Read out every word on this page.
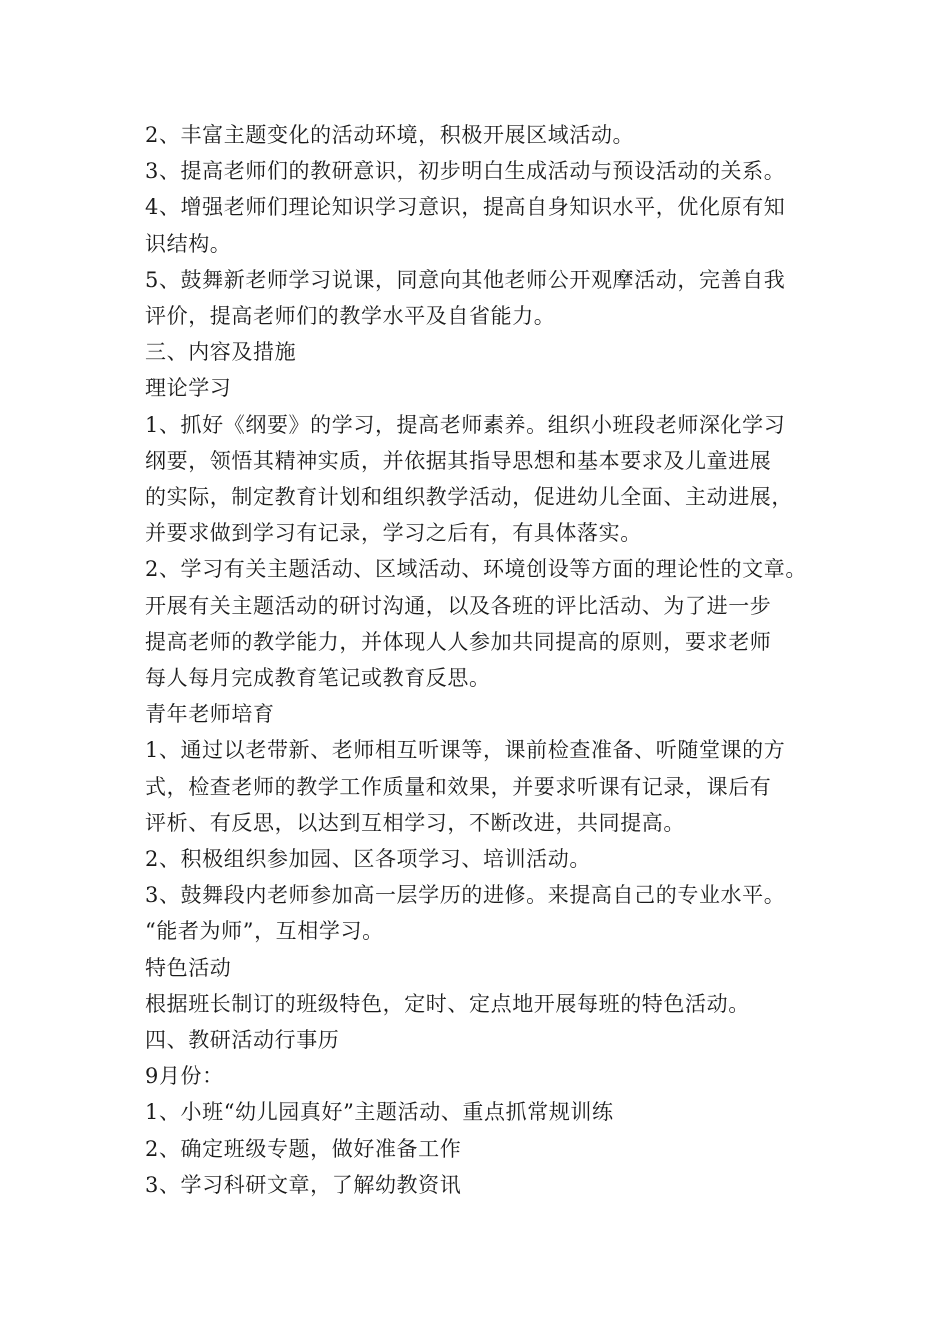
2、丰富主题变化的活动环境，积极开展区域活动。

3、提高老师们的教研意识，初步明白生成活动与预设活动的关系。

4、增强老师们理论知识学习意识，提高自身知识水平，优化原有知

识结构。

5、鼓舞新老师学习说课，同意向其他老师公开观摩活动，完善自我

评价，提高老师们的教学水平及自省能力。

三、内容及措施

理论学习

1、抓好《纲要》的学习，提高老师素养。组织小班段老师深化学习

纲要，领悟其精神实质，并依据其指导思想和基本要求及儿童进展

的实际，制定教育计划和组织教学活动，促进幼儿全面、主动进展，

并要求做到学习有记录，学习之后有，有具体落实。

2、学习有关主题活动、区域活动、环境创设等方面的理论性的文章。

开展有关主题活动的研讨沟通，以及各班的评比活动、为了进一步

提高老师的教学能力，并体现人人参加共同提高的原则，要求老师

每人每月完成教育笔记或教育反思。

青年老师培育

1、通过以老带新、老师相互听课等，课前检查准备、听随堂课的方

式，检查老师的教学工作质量和效果，并要求听课有记录，课后有

评析、有反思，以达到互相学习，不断改进，共同提高。

2、积极组织参加园、区各项学习、培训活动。

3、鼓舞段内老师参加高一层学历的进修。来提高自己的专业水平。

“能者为师”，互相学习。

特色活动

根据班长制订的班级特色，定时、定点地开展每班的特色活动。

四、教研活动行事历

9月份：

1、小班“幼儿园真好”主题活动、重点抓常规训练

2、确定班级专题，做好准备工作

3、学习科研文章，了解幼教资讯
